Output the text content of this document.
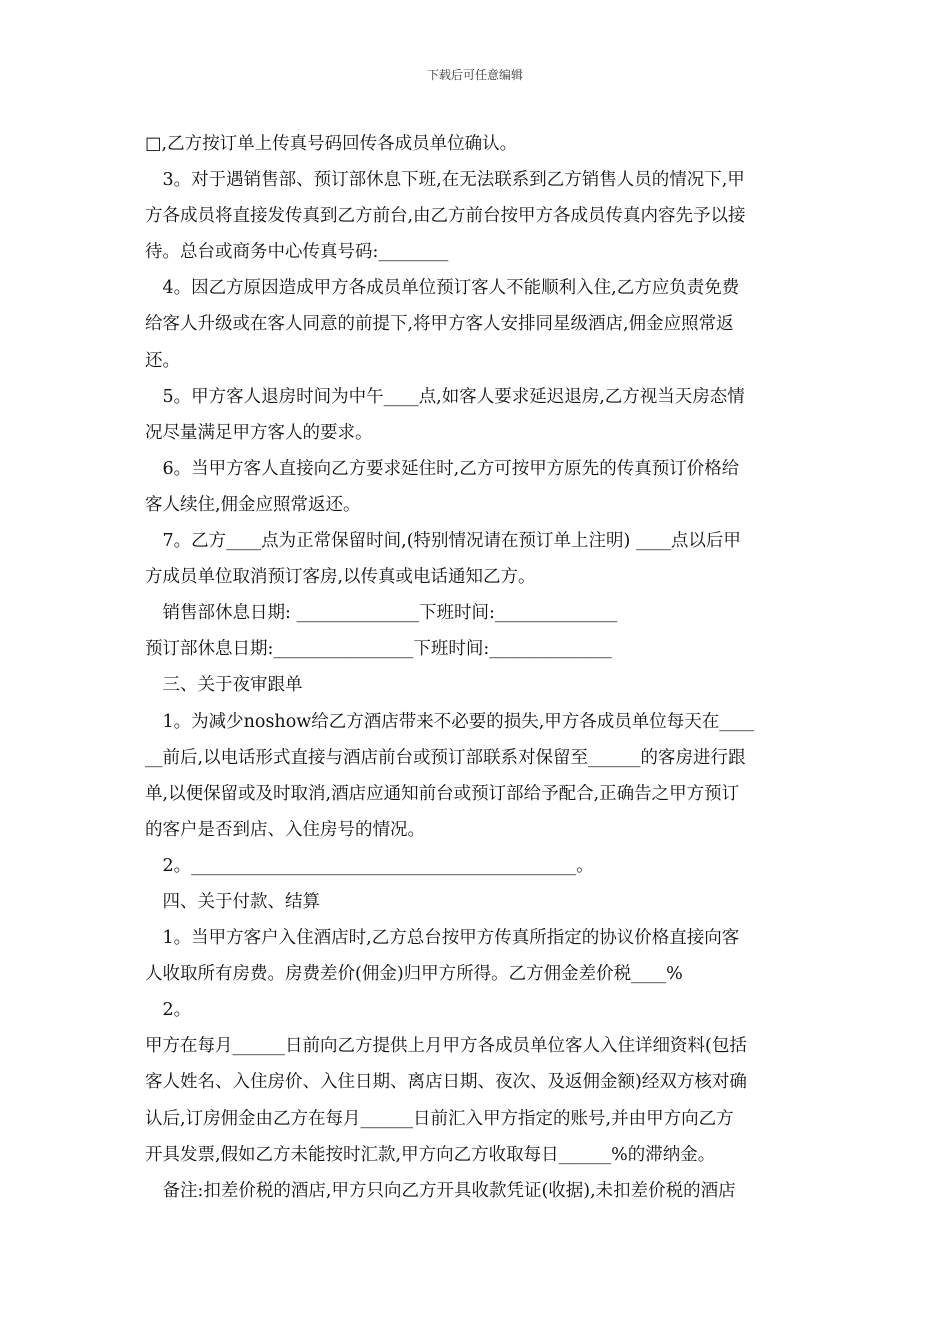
下载后可任意编辑
□,乙方按订单上传真号码回传各成员单位确认。
　3。对于遇销售部、预订部休息下班,在无法联系到乙方销售人员的情况下,甲
方各成员将直接发传真到乙方前台,由乙方前台按甲方各成员传真内容先予以接
待。总台或商务中心传真号码:________
　4。因乙方原因造成甲方各成员单位预订客人不能顺利入住,乙方应负责免费
给客人升级或在客人同意的前提下,将甲方客人安排同星级酒店,佣金应照常返
还。
　5。甲方客人退房时间为中午____点,如客人要求延迟退房,乙方视当天房态情
况尽量满足甲方客人的要求。
　6。当甲方客人直接向乙方要求延住时,乙方可按甲方原先的传真预订价格给
客人续住,佣金应照常返还。
　7。乙方____点为正常保留时间,(特别情况请在预订单上注明) ____点以后甲
方成员单位取消预订客房,以传真或电话通知乙方。
　销售部休息日期: ______________下班时间:______________
预订部休息日期:________________下班时间:______________
　三、关于夜审跟单
　1。为减少noshow给乙方酒店带来不必要的损失,甲方各成员单位每天在____
__前后,以电话形式直接与酒店前台或预订部联系对保留至______的客房进行跟
单,以便保留或及时取消,酒店应通知前台或预订部给予配合,正确告之甲方预订
的客户是否到店、入住房号的情况。
　2。____________________________________________。
　四、关于付款、结算
　1。当甲方客户入住酒店时,乙方总台按甲方传真所指定的协议价格直接向客
人收取所有房费。房费差价(佣金)归甲方所得。乙方佣金差价税____%
　2。
甲方在每月______日前向乙方提供上月甲方各成员单位客人入住详细资料(包括
客人姓名、入住房价、入住日期、离店日期、夜次、及返佣金额)经双方核对确
认后,订房佣金由乙方在每月______日前汇入甲方指定的账号,并由甲方向乙方
开具发票,假如乙方未能按时汇款,甲方向乙方收取每日______%的滞纳金。
　备注:扣差价税的酒店,甲方只向乙方开具收款凭证(收据),未扣差价税的酒店
